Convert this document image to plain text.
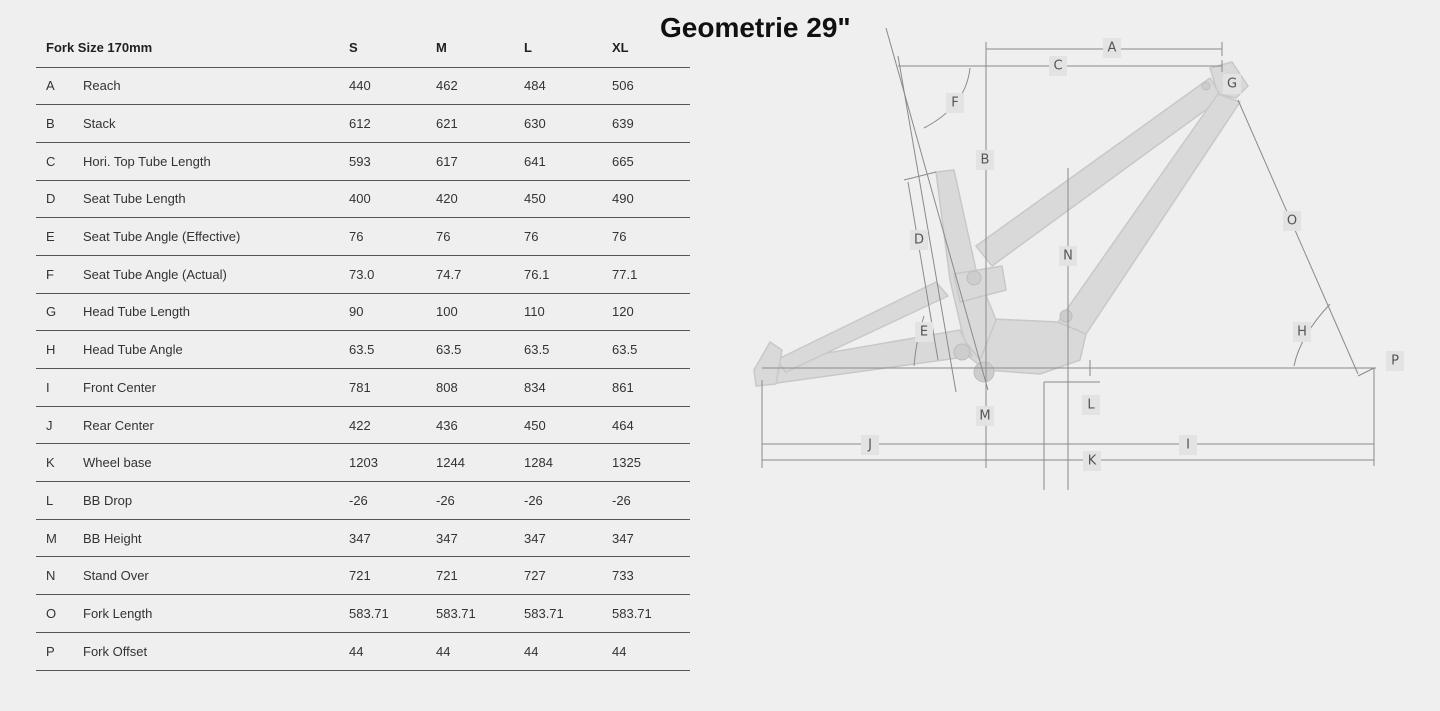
Geometrie 29"
Fork Size 170mm		S	M	L	XL
A	Reach	440	462	484	506
B	Stack	612	621	630	639
C	Hori. Top Tube Length	593	617	641	665
D	Seat Tube Length	400	420	450	490
E	Seat Tube Angle (Effective)	76	76	76	76
F	Seat Tube Angle (Actual)	73.0	74.7	76.1	77.1
G	Head Tube Length	90	100	110	120
H	Head Tube Angle	63.5	63.5	63.5	63.5
I	Front Center	781	808	834	861
J	Rear Center	422	436	450	464
K	Wheel base	1203	1244	1284	1325
L	BB Drop	-26	-26	-26	-26
M	BB Height	347	347	347	347
N	Stand Over	721	721	727	733
O	Fork Length	583.71	583.71	583.71	583.71
P	Fork Offset	44	44	44	44
A
B
C
D
E
F
G
H
I
J
K
L
M
N
O
P
